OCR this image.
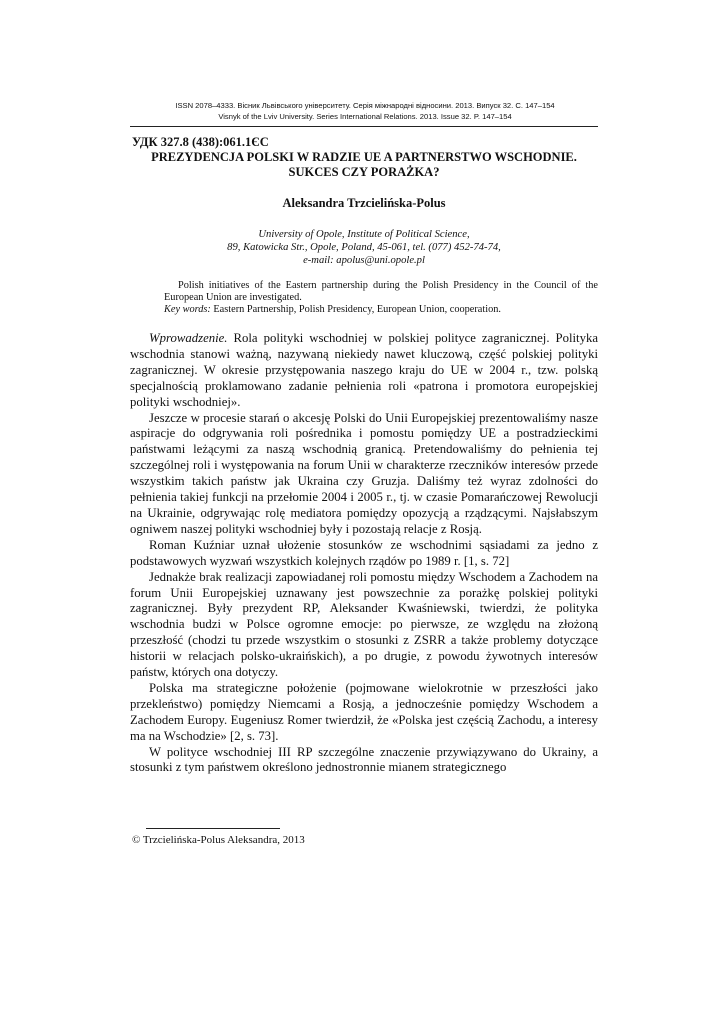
ISSN 2078–4333. Вісник Львівського університету. Серія міжнародні відносини. 2013. Випуск 32. С. 147–154
Visnyk of the Lviv University. Series International Relations. 2013. Issue 32. P. 147–154
УДК 327.8 (438):061.1ЄС
PREZYDENCJA POLSKI W RADZIE UE A PARTNERSTWO WSCHODNIE.
SUKCES CZY PORAŻKA?
Aleksandra Trzcielińska-Polus
University of Opole, Institute of Political Science,
89, Katowicka Str., Opole, Poland, 45-061, tel. (077) 452-74-74,
e-mail: apolus@uni.opole.pl

Polish initiatives of the Eastern partnership during the Polish Presidency in the Council of the European Union are investigated.

Key words: Eastern Partnership, Polish Presidency, European Union, cooperation.

Wprowadzenie. Rola polityki wschodniej w polskiej polityce zagranicznej. Polityka wschodnia stanowi ważną, nazywaną niekiedy nawet kluczową, część polskiej polityki zagranicznej. W okresie przystępowania naszego kraju do UE w 2004 r., tzw. polską specjalnością proklamowano zadanie pełnienia roli «patrona i promotora europejskiej polityki wschodniej».

Jeszcze w procesie starań o akcesję Polski do Unii Europejskiej prezentowaliśmy nasze aspiracje do odgrywania roli pośrednika i pomostu pomiędzy UE a postradzieckimi państwami leżącymi za naszą wschodnią granicą. Pretendowaliśmy do pełnienia tej szczególnej roli i występowania na forum Unii w charakterze rzeczników interesów przede wszystkim takich państw jak Ukraina czy Gruzja. Daliśmy też wyraz zdolności do pełnienia takiej funkcji na przełomie 2004 i 2005 r., tj. w czasie Pomarańczowej Rewolucji na Ukrainie, odgrywając rolę mediatora pomiędzy opozycją a rządzącymi. Najsłabszym ogniwem naszej polityki wschodniej były i pozostają relacje z Rosją.

Roman Kuźniar uznał ułożenie stosunków ze wschodnimi sąsiadami za jedno z podstawowych wyzwań wszystkich kolejnych rządów po 1989 r. [1, s. 72]

Jednakże brak realizacji zapowiadanej roli pomostu między Wschodem a Zachodem na forum Unii Europejskiej uznawany jest powszechnie za porażkę polskiej polityki zagranicznej. Były prezydent RP, Aleksander Kwaśniewski, twierdzi, że polityka wschodnia budzi w Polsce ogromne emocje: po pierwsze, ze względu na złożoną przeszłość (chodzi tu przede wszystkim o stosunki z ZSRR a także problemy dotyczące historii w relacjach polsko-ukraińskich), a po drugie, z powodu żywotnych interesów państw, których ona dotyczy.

Polska ma strategiczne położenie (pojmowane wielokrotnie w przeszłości jako przekleństwo) pomiędzy Niemcami a Rosją, a jednocześnie pomiędzy Wschodem a Zachodem Europy. Eugeniusz Romer twierdził, że «Polska jest częścią Zachodu, a interesy ma na Wschodzie» [2, s. 73].

W polityce wschodniej III RP szczególne znaczenie przywiązywano do Ukrainy, a stosunki z tym państwem określono jednostronnie mianem strategicznego

© Trzcielińska-Polus Aleksandra, 2013
